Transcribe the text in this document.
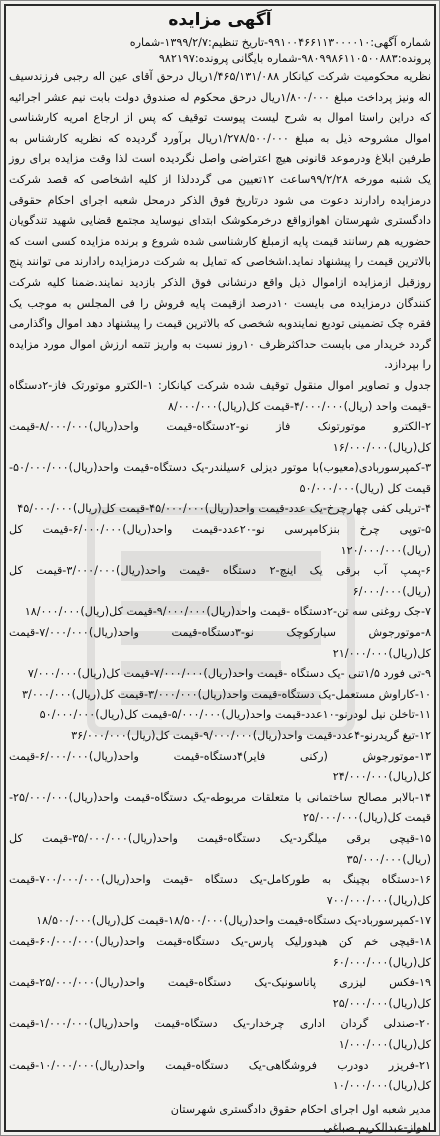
آگهی مزایده
شماره آگهی:۹۹۱۰۰۴۶۶۱۱۳۰۰۰۰۱۰-تاریخ تنظیم:۱۳۹۹/۲/۷-شماره
پرونده:۹۸۰۹۹۸۶۱۱۰۵۰۰۸۸۳-شماره بایگانی پرونده:۹۸۲۱۹۷

نظریه محکومیت شرکت کیانکار ۱/۴۶۵/۱۳۱/۰۸۸ریال درحق آقای عین اله رجبی فرزندسیف اله ونیز پرداخت مبلغ ۱/۸۰۰/۰۰۰ریال درحق محکوم له صندوق دولت بابت نیم عشر اجرائیه که دراین راستا اموال به شرح لیست پیوست توقیف که پس از ارجاع امریه کارشناسی اموال مشروحه ذیل به مبلغ ۱/۲۷۸/۵۰۰/۰۰۰ریال برآورد گردیده که نظریه کارشناس به طرفین ابلاغ ودرموعد قانونی هیچ اعتراضی واصل نگردیده است لذا وقت مزایده برای روز یک شنبه مورخه ۹۹/۲/۲۸ساعت ۱۲تعیین می گرددلذا از کلیه اشخاصی که قصد شرکت درمزایده رادارند دعوت می شود درتاریخ فوق الذکر درمحل شعبه اجرای احکام حقوقی دادگستری شهرستان اهوازواقع درخرمکوشک ابتدای نیوساید مجتمع قضایی شهید تندگویان حضوریه هم رسانند قیمت پایه ازمبلغ کارشناسی شده شروع و برنده مزایده کسی است که بالاترین قیمت را پیشنهاد نماید.اشخاصی که تمایل به شرکت درمزایده رادارند می توانند پنج روزقبل ازمزایده ازاموال ذیل واقع درنشانی فوق الذکر بازدید نمایند.ضمنا کلیه شرکت کنندگان درمزایده می بایست ۱۰درصد ازقیمت پایه فروش را فی المجلس به موجب یک فقره چک تضمینی تودیع نمایندوبه شخصی که بالاترین قیمت را پیشنهاد دهد اموال واگذارمی گردد خریدار می بایست حداکثرظرف ۱۰روز نسبت به واریز تتمه ارزش اموال مورد مزایده را بپردازد.

جدول و تصاویر اموال منقول توقیف شده شرکت کیانکار: ۱-الکترو موتورتک فاز-۲دستگاه -قیمت واحد (ریال)۴/۰۰۰/۰۰۰-قیمت کل(ریال)۸/۰۰۰/۰۰۰

۲-الکترو موتورتونک فاز نو-۲دستگاه-قیمت واحد(ریال)۸/۰۰۰/۰۰۰-قیمت کل(ریال)۱۶/۰۰۰/۰۰۰

۳-کمپرسوربادی(معیوب)با موتور دیزلی ۶سیلندر-یک دستگاه-قیمت واحد(ریال)۵۰/۰۰۰/۰۰۰-قیمت کل (ریال)۵۰/۰۰۰/۰۰۰

۴-تریلی کفی چهارچرخ-یک عدد-قیمت واحد(ریال)۴۵/۰۰۰/۰۰۰-قیمت کل(ریال)۴۵/۰۰۰/۰۰۰

۵-توپی چرخ بنزکامپرسی نو-۲۰عدد-قیمت واحد(ریال)۶/۰۰۰/۰۰۰-قیمت کل (ریال)۱۲۰/۰۰۰/۰۰۰

۶-پمپ آب برقی یک اینچ-۲ دستگاه -قیمت واحد(ریال)۳/۰۰۰/۰۰۰-قیمت کل (ریال)۶/۰۰۰/۰۰۰

۷-جک روغنی سه تن-۲دستگاه -قیمت واحد(ریال)۹/۰۰۰/۰۰۰-قیمت کل(ریال)۱۸/۰۰۰/۰۰۰

۸-موتورجوش سیارکوچک نو-۳دستگاه-قیمت واحد(ریال)۷/۰۰۰/۰۰۰-قیمت کل(ریال)۲۱/۰۰۰/۰۰۰

۹-تی فورد ۱/۵تنی -یک دستگاه -قیمت واحد(ریال)۷/۰۰۰/۰۰۰-قیمت کل(ریال)۷/۰۰۰/۰۰۰

۱۰-کاراوش مستعمل-یک دستگاه-قیمت واحد(ریال)۳/۰۰۰/۰۰۰-قیمت کل(ریال)۳/۰۰۰/۰۰۰

۱۱-تاخلن نیل لودرنو-۱۰عدد-قیمت واحد(ریال)۵/۰۰۰/۰۰۰-قیمت کل(ریال)۵۰/۰۰۰/۰۰۰

۱۲-تیغ گریدرنو-۴عدد-قیمت واحد(ریال)۹/۰۰۰/۰۰۰-قیمت کل(ریال)۳۶/۰۰۰/۰۰۰

۱۳-موتورجوش (رکنی فایر)۴دستگاه-قیمت واحد(ریال)۶/۰۰۰/۰۰۰-قیمت کل(ریال)۲۴/۰۰۰/۰۰۰

۱۴-بالابر مصالح ساختمانی با متعلقات مربوطه-یک دستگاه-قیمت واحد(ریال)۲۵/۰۰۰/۰۰۰-قیمت کل(ریال)۲۵/۰۰۰/۰۰۰

۱۵-قیچی برقی میلگرد-یک دستگاه-قیمت واحد(ریال)۳۵/۰۰۰/۰۰۰-قیمت کل (ریال)۳۵/۰۰۰/۰۰۰

۱۶-دستگاه بچینگ به طورکامل-یک دستگاه -قیمت واحد(ریال)۷۰۰/۰۰۰/۰۰۰-قیمت کل(ریال)۷۰۰/۰۰۰/۰۰۰

۱۷-کمپرسورباد-یک دستگاه-قیمت واحد(ریال)۱۸/۵۰۰/۰۰۰-قیمت کل(ریال)۱۸/۵۰۰/۰۰۰

۱۸-قیچی خم کن هیدورلیک پارس-یک دستگاه-قیمت واحد(ریال)۶۰/۰۰۰/۰۰۰-قیمت کل(ریال)۶۰/۰۰۰/۰۰۰

۱۹-فکس لیزری پاناسونیک-یک دستگاه-قیمت واحد(ریال)۲۵/۰۰۰/۰۰۰-قیمت کل(ریال)۲۵/۰۰۰/۰۰۰

۲۰-صندلی گردان اداری چرخدار-یک دستگاه-قیمت واحد(ریال)۱/۰۰۰/۰۰۰-قیمت کل(ریال)۱/۰۰۰/۰۰۰

۲۱-فریزر دودرب فروشگاهی-یک دستگاه-قیمت واحد(ریال)۱۰/۰۰۰/۰۰۰-قیمت کل(ریال)۱۰/۰۰۰/۰۰۰

مدیر شعبه اول اجرای احکام حقوق دادگستری شهرستان
اهواز-عبدالکریم صباغی
